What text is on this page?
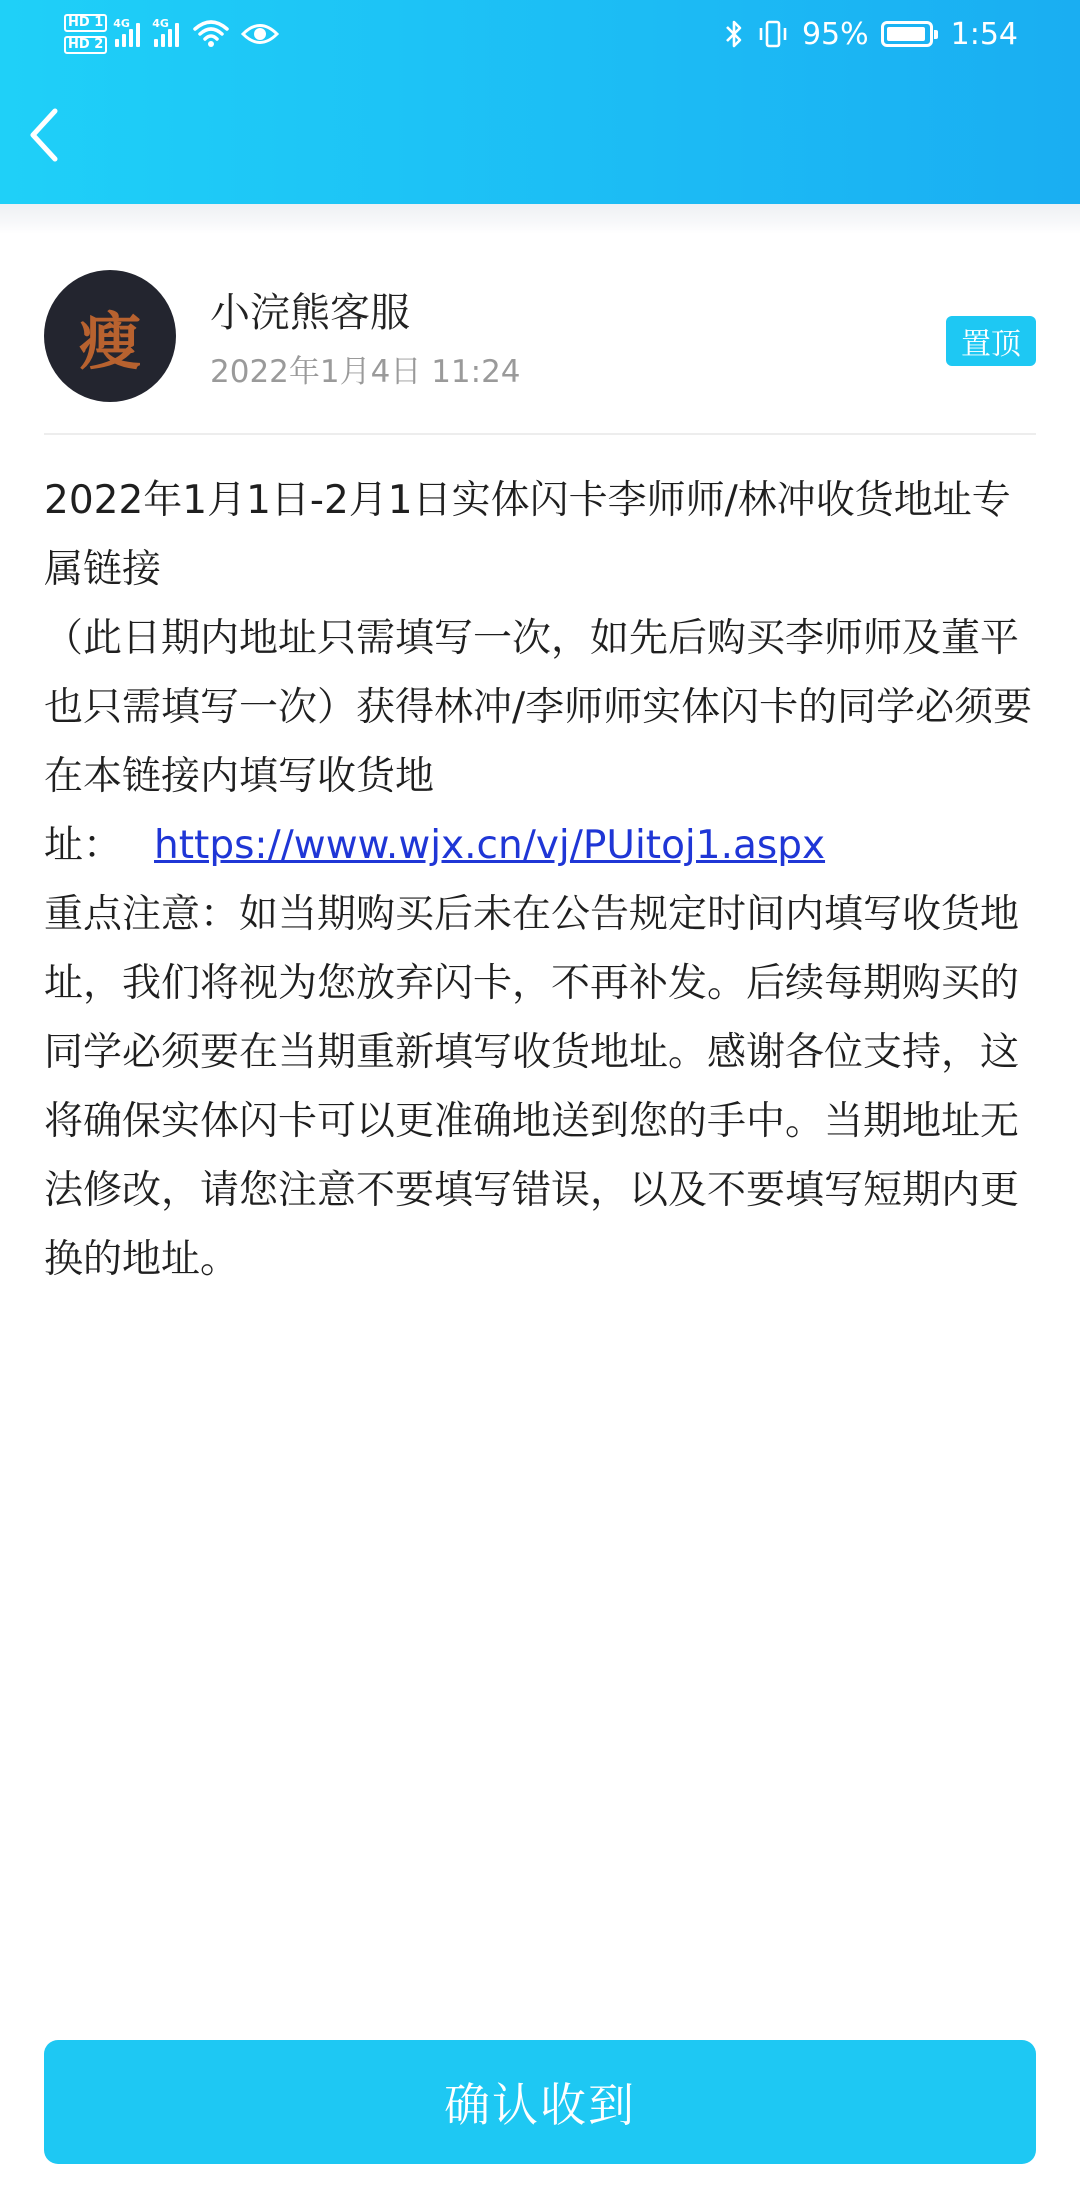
HD 1
HD 2
4G 4G	95%	1:54
瘦 小浣熊客服
2022年1月4日 11:24
置顶

2022年1月1日-2月1日实体闪卡李师师/林冲收货地址专属链接

（此日期内地址只需填写一次，如先后购买李师师及董平也只需填写一次）获得林冲/李师师实体闪卡的同学必须要在本链接内填写收货地

址： https://www.wjx.cn/vj/PUitoj1.aspx

重点注意：如当期购买后未在公告规定时间内填写收货地址，我们将视为您放弃闪卡，不再补发。后续每期购买的同学必须要在当期重新填写收货地址。感谢各位支持，这将确保实体闪卡可以更准确地送到您的手中。当期地址无法修改，请您注意不要填写错误，以及不要填写短期内更换的地址。

确认收到
